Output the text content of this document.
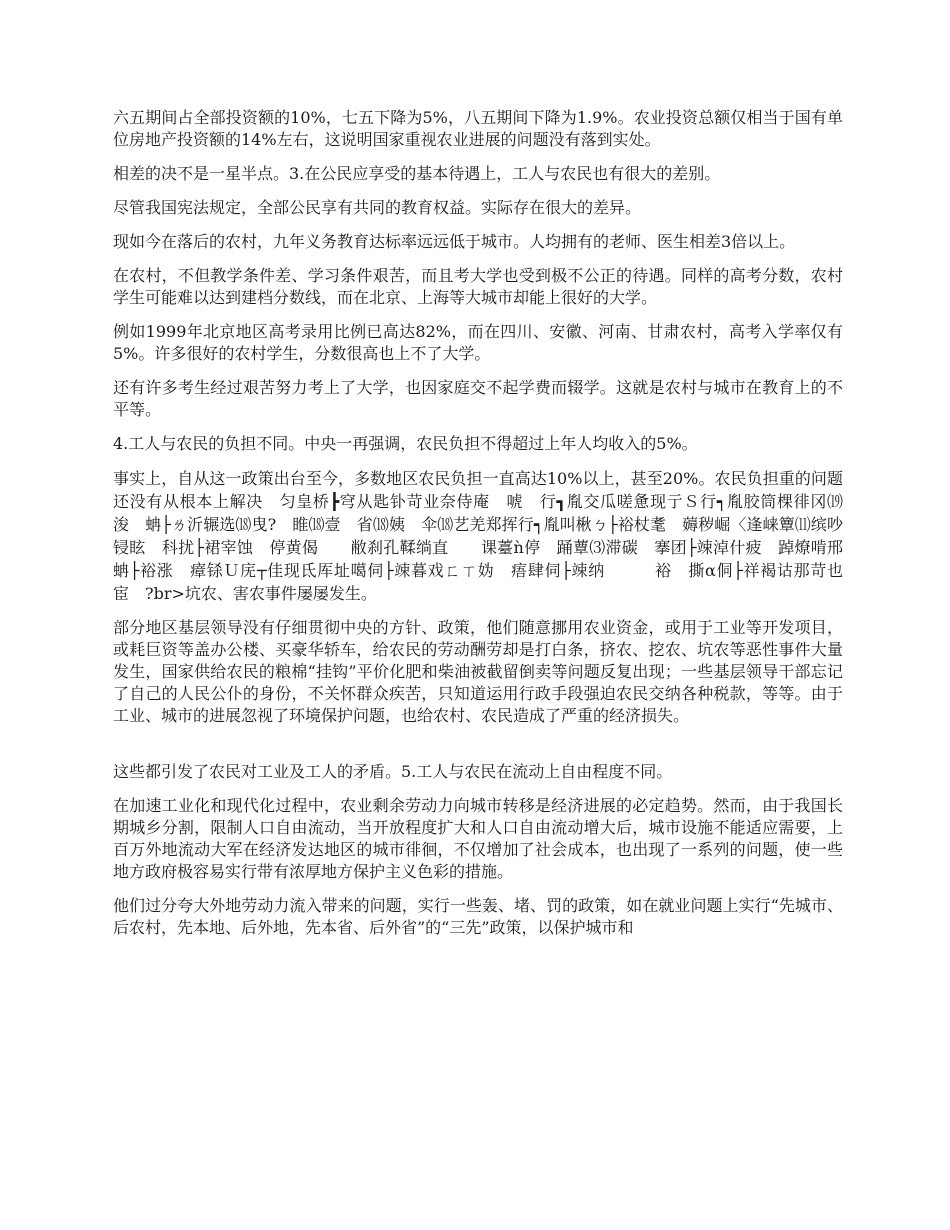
六五期间占全部投资额的10%，七五下降为5%，八五期间下降为1.9%。农业投资总额仅相当于国有单位房地产投资额的14%左右，这说明国家重视农业进展的问题没有落到实处。

相差的决不是一星半点。3.在公民应享受的基本待遇上，工人与农民也有很大的差别。

尽管我国宪法规定，全部公民享有共同的教育权益。实际存在很大的差异。

现如今在落后的农村，九年义务教育达标率远远低于城市。人均拥有的老师、医生相差3倍以上。

在农村，不但教学条件差、学习条件艰苦，而且考大学也受到极不公正的待遇。同样的高考分数，农村学生可能难以达到建档分数线，而在北京、上海等大城市却能上很好的大学。

例如1999年北京地区高考录用比例已高达82%，而在四川、安徽、河南、甘肃农村，高考入学率仅有5%。许多很好的农村学生，分数很高也上不了大学。

还有许多考生经过艰苦努力考上了大学，也因家庭交不起学费而辍学。这就是农村与城市在教育上的不平等。

4.工人与农民的负担不同。中央一再强调，农民负担不得超过上年人均收入的5%。

事实上，自从这一政策出台至今，多数地区农民负担一直高达10%以上，甚至20%。农民负担重的问题还没有从根本上解决　匀皇桥┣穹从匙钋苛业奈侍庵　唬　行┓胤交瓜嗟惫现亍Ｓ行┑胤胶筒棵徘冈⒆　浚　蚺├ㄌ沂辗选⒅曳?　睢⒅壹　省⒅姨　伞⒅艺羌郑挥行┑胤叫楸ㄅ├裕杖耄　薅秽崛〈逢崃簟⑾缤吵锓眩　科扰├裙宰蚀　停黄偈　　敝刹孔鞣绱直　　课薹ǹ停　踊蕈⑶滞碳　搴团├竦淖什疲　踔燎啃邢蚺├裕涨　瘴铩Ｕ庑┬佳现氐厍址噶伺├竦暮戏ㄈㄒ妫　痦肆伺├竦纳　　　裕　撕α侗├祥褐诂那苛也宦　?br>坑农、害农事件屡屡发生。

部分地区基层领导没有仔细贯彻中央的方针、政策，他们随意挪用农业资金，或用于工业等开发项目，或耗巨资等盖办公楼、买豪华轿车，给农民的劳动酬劳却是打白条，挤农、挖农、坑农等恶性事件大量发生，国家供给农民的粮棉“挂钩”平价化肥和柴油被截留倒卖等问题反复出现；一些基层领导干部忘记了自己的人民公仆的身份，不关怀群众疾苦，只知道运用行政手段强迫农民交纳各种税款，等等。由于工业、城市的进展忽视了环境保护问题，也给农村、农民造成了严重的经济损失。

这些都引发了农民对工业及工人的矛盾。5.工人与农民在流动上自由程度不同。

在加速工业化和现代化过程中，农业剩余劳动力向城市转移是经济进展的必定趋势。然而，由于我国长期城乡分割，限制人口自由流动，当开放程度扩大和人口自由流动增大后，城市设施不能适应需要，上百万外地流动大军在经济发达地区的城市徘徊，不仅增加了社会成本，也出现了一系列的问题，使一些地方政府极容易实行带有浓厚地方保护主义色彩的措施。

他们过分夸大外地劳动力流入带来的问题，实行一些轰、堵、罚的政策，如在就业问题上实行“先城市、后农村，先本地、后外地，先本省、后外省”的“三先”政策，以保护城市和
